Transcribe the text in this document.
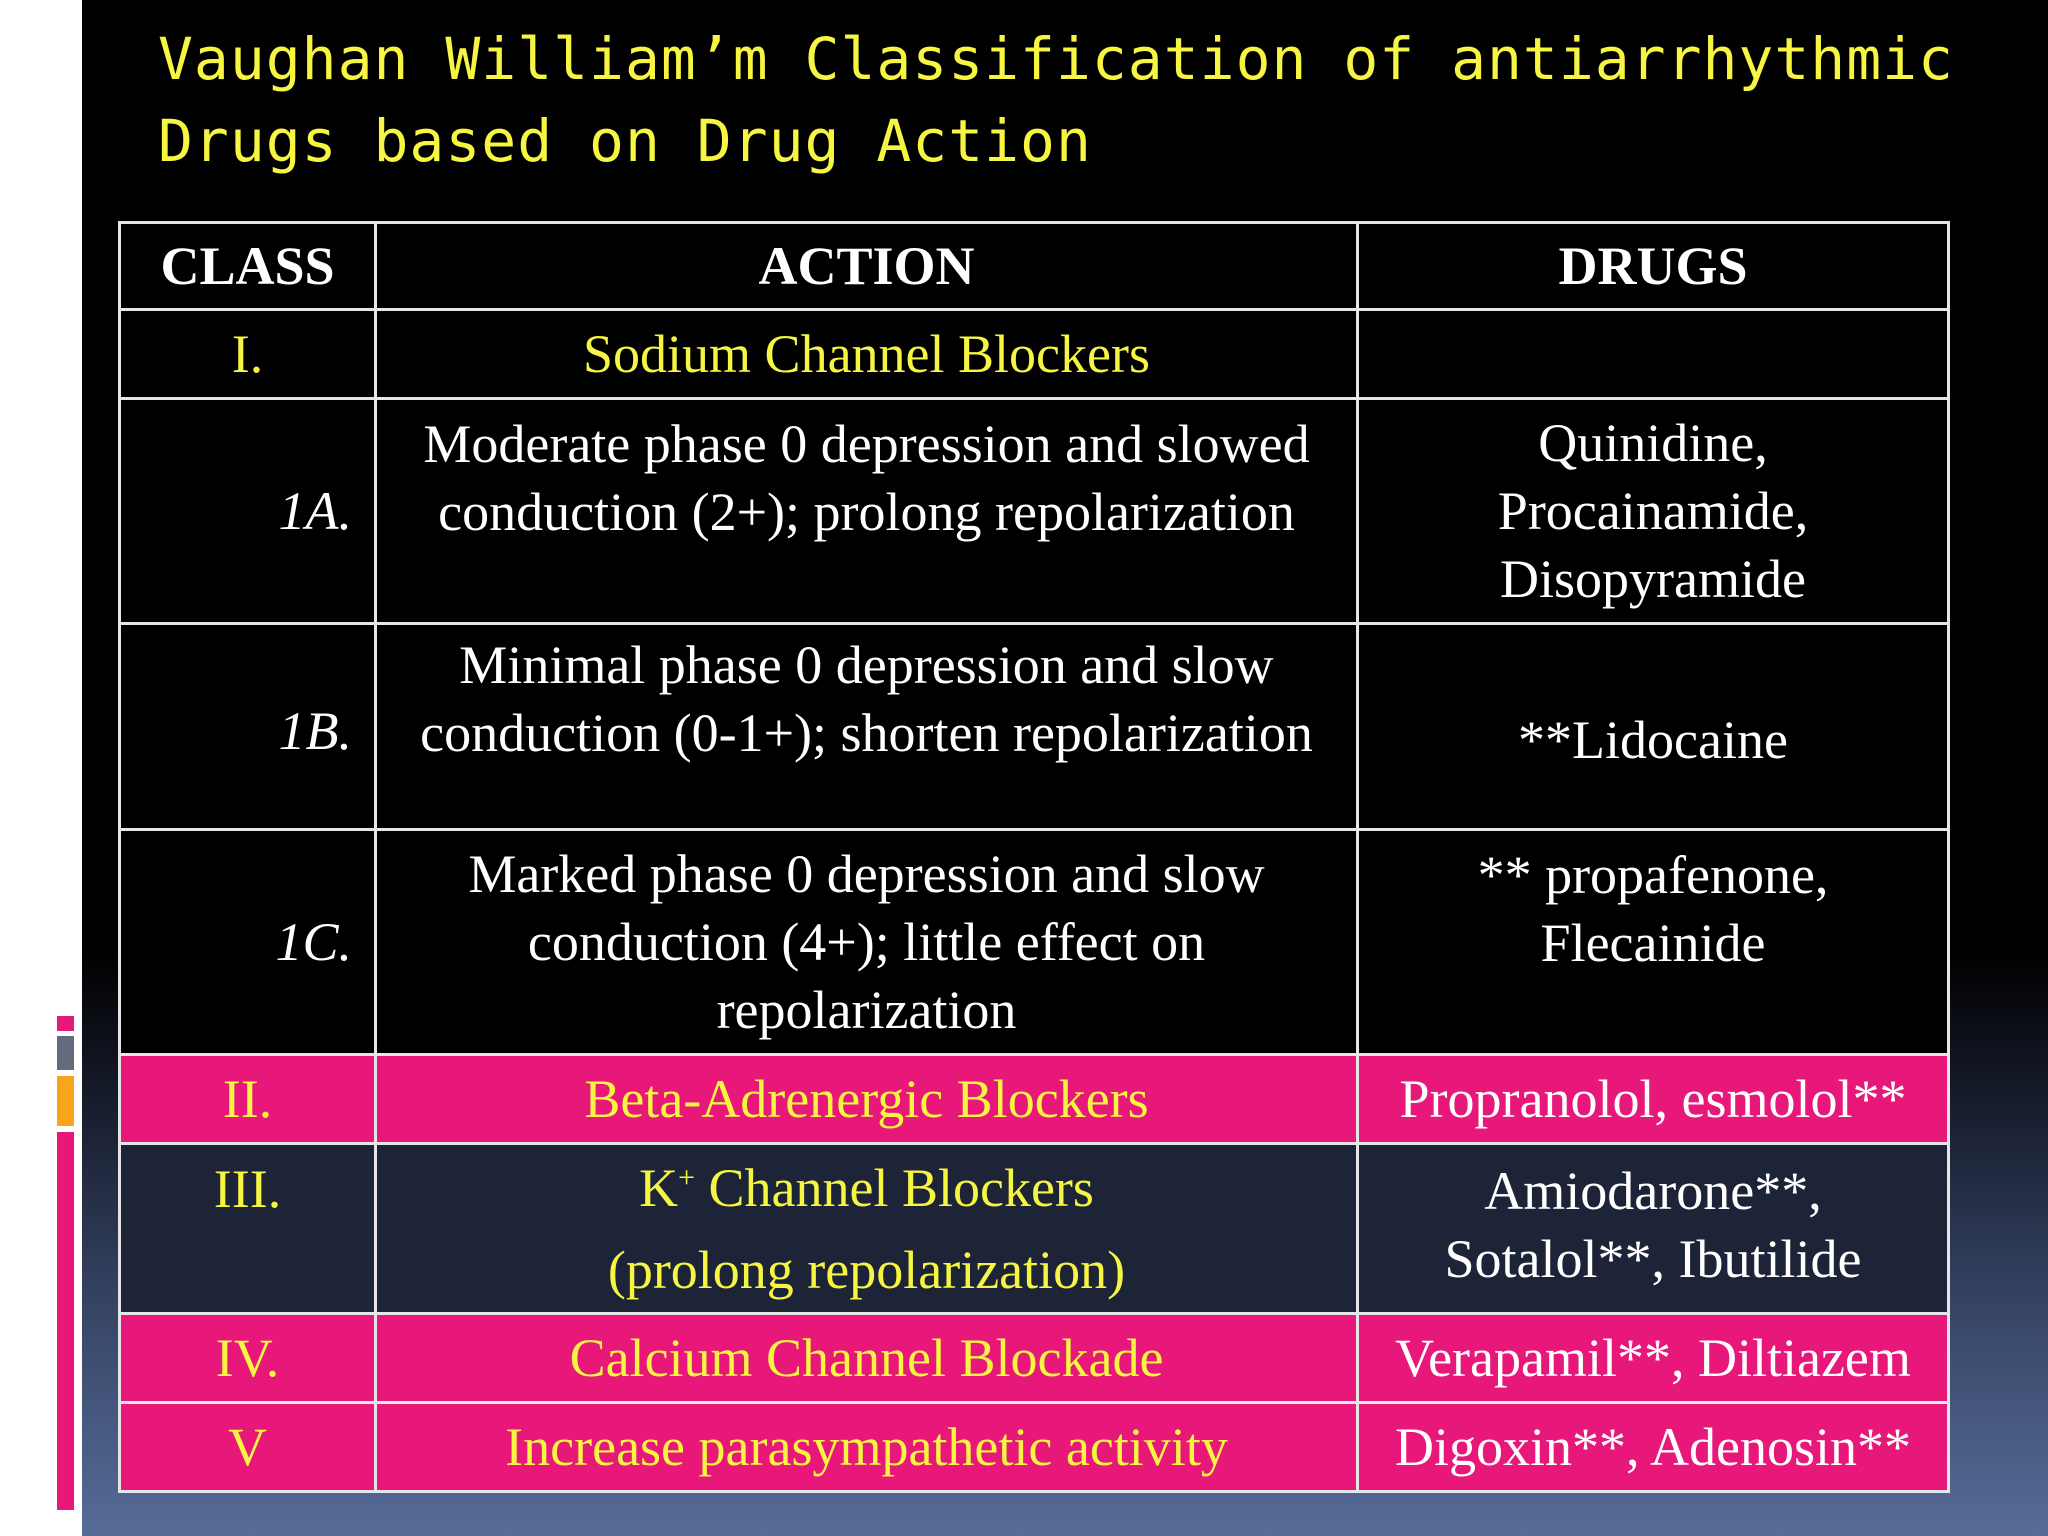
Vaughan William’m Classification of antiarrhythmic
Drugs based on Drug Action
CLASS	ACTION	DRUGS
I.	Sodium Channel Blockers	
1A.	Moderate phase 0 depression and slowed
conduction (2+); prolong repolarization	Quinidine,
Procainamide,
Disopyramide

1B.	Minimal phase 0 depression and slow
conduction (0-1+); shorten repolarization	**Lidocaine

1C.	Marked phase 0 depression and slow
conduction (4+); little effect on
repolarization	** propafenone,
Flecainide

II.	Beta-Adrenergic Blockers	Propranolol, esmolol**
III.	K+ Channel Blockers
(prolong repolarization)	Amiodarone**,
Sotalol**, Ibutilide

IV.	Calcium Channel Blockade	Verapamil**, Diltiazem
V	Increase parasympathetic activity	Digoxin**, Adenosin**
